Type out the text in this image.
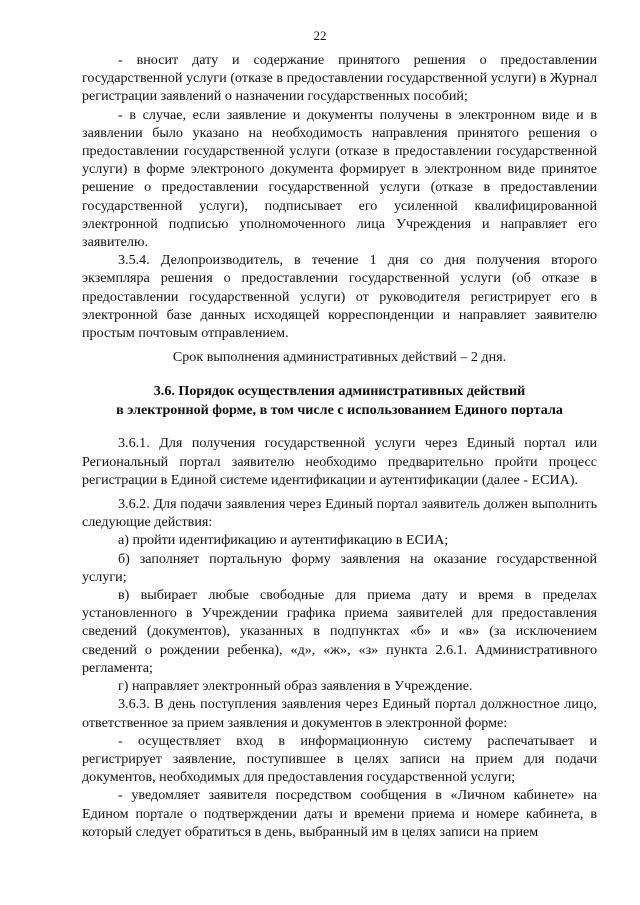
22

- вносит дату и содержание принятого решения о предоставлении государственной услуги (отказе в предоставлении государственной услуги) в Журнал регистрации заявлений о назначении государственных пособий;

- в случае, если заявление и документы получены в электронном виде и в заявлении было указано на необходимость направления принятого решения о предоставлении государственной услуги (отказе в предоставлении государственной услуги) в форме электроного документа формирует в электронном виде принятое решение о предоставлении государственной услуги (отказе в предоставлении государственной услуги), подписывает его усиленной квалифицированной электронной подписью уполномоченного лица Учреждения и направляет его заявителю.

3.5.4. Делопроизводитель, в течение 1 дня со дня получения второго экземпляра решения о предоставлении государственной услуги (об отказе в предоставлении государственной услуги) от руководителя регистрирует его в электронной базе данных исходящей корреспонденции и направляет заявителю простым почтовым отправлением.

Срок выполнения административных действий – 2 дня.

3.6. Порядок осуществления административных действий
в электронной форме, в том числе с использованием Единого портала

3.6.1. Для получения государственной услуги через Единый портал или Региональный портал заявителю необходимо предварительно пройти процесс регистрации в Единой системе идентификации и аутентификации (далее - ЕСИА).

3.6.2. Для подачи заявления через Единый портал заявитель должен выполнить следующие действия:

а) пройти идентификацию и аутентификацию в ЕСИА;

б) заполняет портальную форму заявления на оказание государственной услуги;

в) выбирает любые свободные для приема дату и время в пределах установленного в Учреждении графика приема заявителей для предоставления сведений (документов), указанных в подпунктах «б» и «в» (за исключением сведений о рождении ребенка), «д», «ж», «з» пункта 2.6.1. Административного регламента;

г) направляет электронный образ заявления в Учреждение.

3.6.3. В день поступления заявления через Единый портал должностное лицо, ответственное за прием заявления и документов в электронной форме:

- осуществляет вход в информационную систему распечатывает и регистрирует заявление, поступившее в целях записи на прием для подачи документов, необходимых для предоставления государственной услуги;

- уведомляет заявителя посредством сообщения в «Личном кабинете» на Едином портале о подтверждении даты и времени приема и номере кабинета, в который следует обратиться в день, выбранный им в целях записи на прием
